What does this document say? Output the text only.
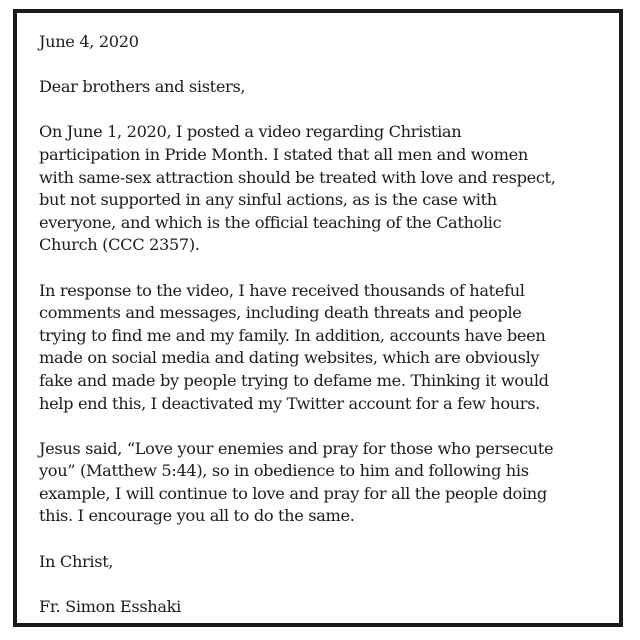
June 4, 2020
Dear brothers and sisters,
On June 1, 2020, I posted a video regarding Christian
participation in Pride Month. I stated that all men and women
with same-sex attraction should be treated with love and respect,
but not supported in any sinful actions, as is the case with
everyone, and which is the official teaching of the Catholic
Church (CCC 2357).
In response to the video, I have received thousands of hateful
comments and messages, including death threats and people
trying to find me and my family. In addition, accounts have been
made on social media and dating websites, which are obviously
fake and made by people trying to defame me. Thinking it would
help end this, I deactivated my Twitter account for a few hours.
Jesus said, “Love your enemies and pray for those who persecute
you” (Matthew 5:44), so in obedience to him and following his
example, I will continue to love and pray for all the people doing
this. I encourage you all to do the same.
In Christ,
Fr. Simon Esshaki
